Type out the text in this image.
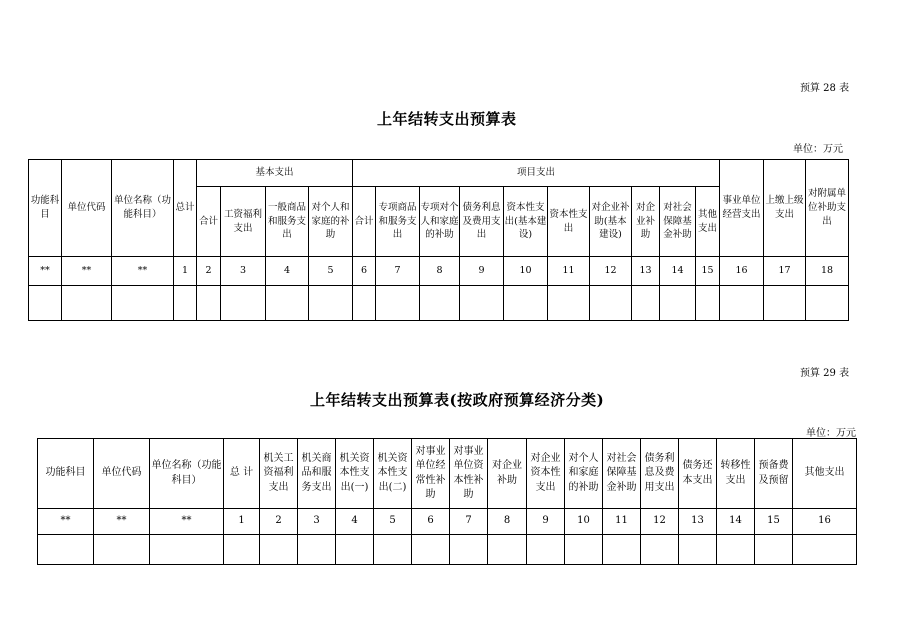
预算 28 表
上年结转支出预算表
单位：万元
功能科目	单位代码	单位名称（功能科目）	总计	基本支出				项目支出										事业单位经营支出	上缴上级支出	对附属单位补助支出
				合计	工资福利支出	一般商品和服务支出	对个人和家庭的补助	合计	专项商品和服务支出	专项对个人和家庭的补助	债务利息及费用支出	资本性支出(基本建设)	资本性支出	对企业补助(基本建设)	对企业补助	对社会保障基金补助	其他支出			
**	**	**	1	2	3	4	5	6	7	8	9	10	11	12	13	14	15	16	17	18

预算 29 表
上年结转支出预算表(按政府预算经济分类)
单位：万元
功能科目	单位代码	单位名称（功能科目）	总 计	机关工资福利支出	机关商品和服务支出	机关资本性支出(一)	机关资本性支出(二)	对事业单位经常性补助	对事业单位资本性补助	对企业补助	对企业资本性支出	对个人和家庭的补助	对社会保障基金补助	债务利息及费用支出	债务还本支出	转移性支出	预备费及预留	其他支出
**	**	**	1	2	3	4	5	6	7	8	9	10	11	12	13	14	15	16
